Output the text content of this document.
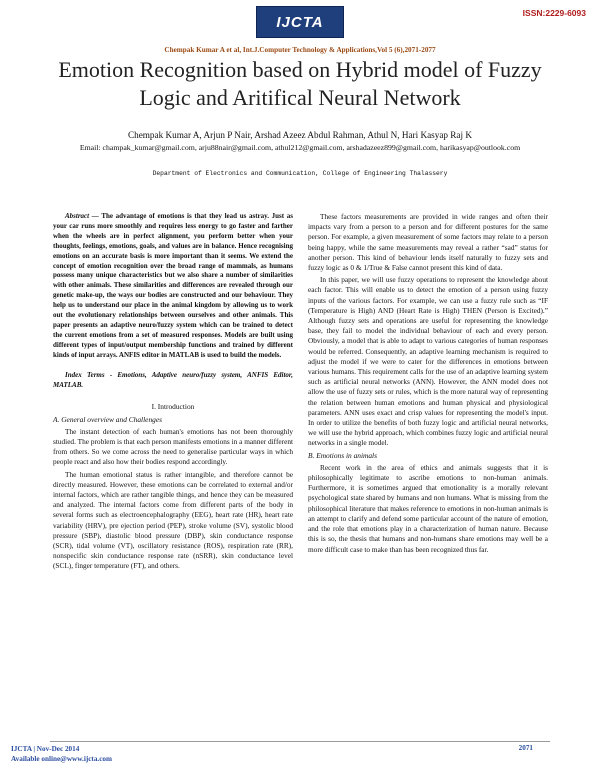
IJCTA
ISSN:2229-6093
Chempak Kumar A et al, Int.J.Computer Technology & Applications,Vol 5 (6),2071-2077
Emotion Recognition based on Hybrid model of Fuzzy Logic and Aritifical Neural Network
Chempak Kumar A, Arjun P Nair, Arshad Azeez Abdul Rahman, Athul N, Hari Kasyap Raj K
Email: champak_kumar@gmail.com, arju88nair@gmail.com, athul212@gmail.com, arshadazeez899@gmail.com, harikasyap@outlook.com
Department of Electronics and Communication, College of Engineering Thalassery

Abstract — The advantage of emotions is that they lead us astray. Just as your car runs more smoothly and requires less energy to go faster and farther when the wheels are in perfect alignment, you perform better when your thoughts, feelings, emotions, goals, and values are in balance. Hence recognising emotions on an accurate basis is more important than it seems. We extend the concept of emotion recognition over the broad range of mammals, as humans possess many unique characteristics but we also share a number of similarities with other animals. These similarities and differences are revealed through our genetic make-up, the ways our bodies are constructed and our behaviour. They help us to understand our place in the animal kingdom by allowing us to work out the evolutionary relationships between ourselves and other animals. This paper presents an adaptive neuro/fuzzy system which can be trained to detect the current emotions from a set of measured responses. Models are built using different types of input/output membership functions and trained by different kinds of input arrays. ANFIS editor in MATLAB is used to build the models.

Index Terms - Emotions, Adaptive neuro/fuzzy system, ANFIS Editor, MATLAB.

I. Introduction

A. General overview and Challenges

The instant detection of each human's emotions has not been thoroughly studied. The problem is that each person manifests emotions in a manner different from others. So we come across the need to generalise particular ways in which people react and also how their bodies respond accordingly.

The human emotional status is rather intangible, and therefore cannot be directly measured. However, these emotions can be correlated to external and/or internal factors, which are rather tangible things, and hence they can be measured and analyzed. The internal factors come from different parts of the body in several forms such as electroencephalography (EEG), heart rate (HR), heart rate variability (HRV), pre ejection period (PEP), stroke volume (SV), systolic blood pressure (SBP), diastolic blood pressure (DBP), skin conductance response (SCR), tidal volume (VT), oscillatory resistance (ROS), respiration rate (RR), nonspecific skin conductance response rate (nSRR), skin conductance level (SCL), finger temperature (FT), and others.

These factors measurements are provided in wide ranges and often their impacts vary from a person to a person and for different postures for the same person. For example, a given measurement of some factors may relate to a person being happy, while the same measurements may reveal a rather “sad” status for another person. This kind of behaviour lends itself naturally to fuzzy sets and fuzzy logic as 0 & 1/True & False cannot present this kind of data.

In this paper, we will use fuzzy operations to represent the knowledge about each factor. This will enable us to detect the emotion of a person using fuzzy inputs of the various factors. For example, we can use a fuzzy rule such as “IF (Temperature is High) AND (Heart Rate is High) THEN (Person is Excited).” Although fuzzy sets and operations are useful for representing the knowledge base, they fail to model the individual behaviour of each and every person. Obviously, a model that is able to adapt to various categories of human responses would be referred. Consequently, an adaptive learning mechanism is required to adjust the model if we were to cater for the differences in emotions between various humans. This requirement calls for the use of an adaptive learning system such as artificial neural networks (ANN). However, the ANN model does not allow the use of fuzzy sets or rules, which is the more natural way of representing the relation between human emotions and human physical and physiological parameters. ANN uses exact and crisp values for representing the model's input. In order to utilize the benefits of both fuzzy logic and artificial neural networks, we will use the hybrid approach, which combines fuzzy logic and artificial neural networks in a single model.

B. Emotions in animals

Recent work in the area of ethics and animals suggests that it is philosophically legitimate to ascribe emotions to non-human animals. Furthermore, it is sometimes argued that emotionality is a morally relevant psychological state shared by humans and non humans. What is missing from the philosophical literature that makes reference to emotions in non-human animals is an attempt to clarify and defend some particular account of the nature of emotion, and the role that emotions play in a characterization of human nature. Because this is so, the thesis that humans and non-humans share emotions may well be a more difficult case to make than has been recognized thus far.

IJCTA | Nov-Dec 2014
Available online@www.ijcta.com
2071
